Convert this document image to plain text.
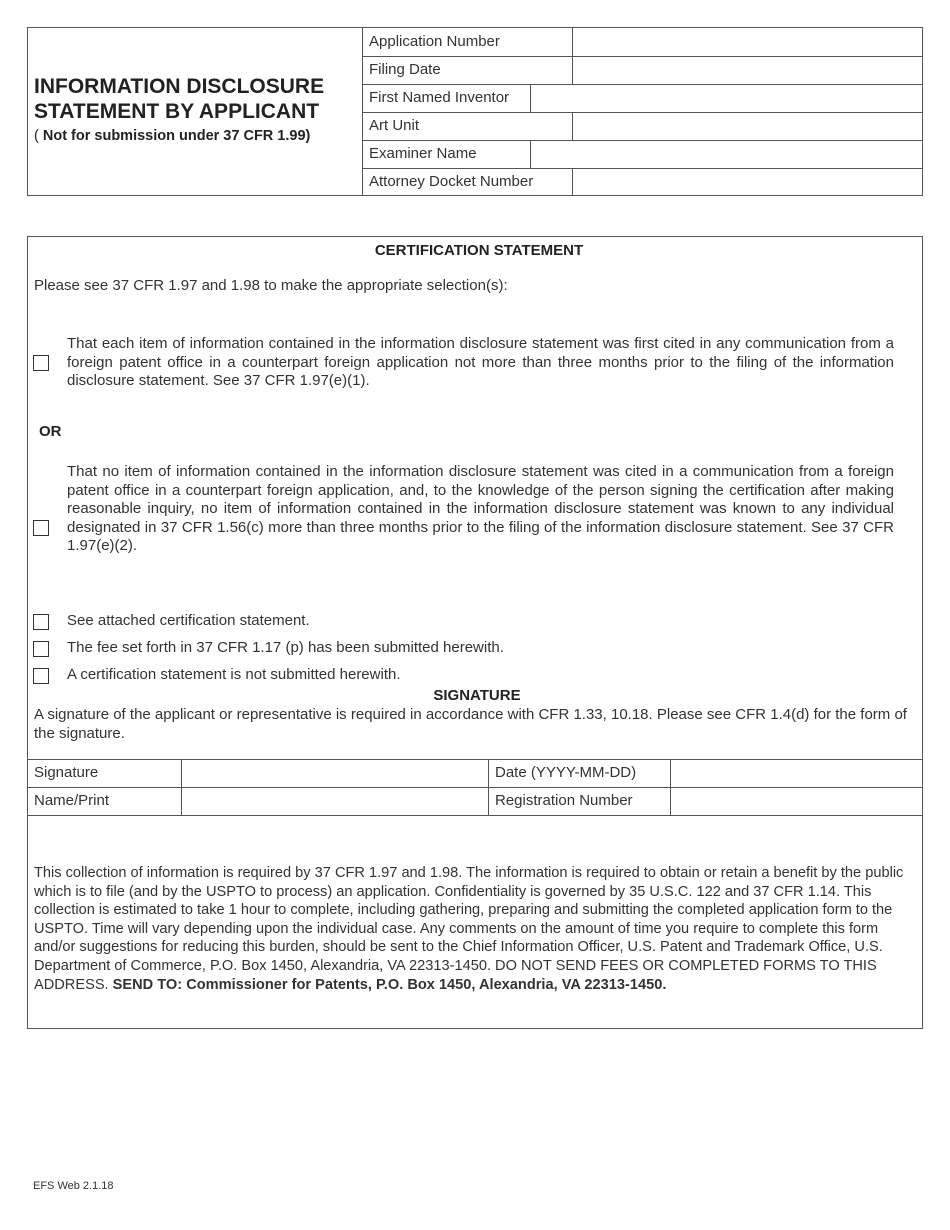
INFORMATION DISCLOSURE STATEMENT BY APPLICANT
( Not for submission under 37 CFR 1.99)
Application Number
Filing Date
First Named Inventor
Art Unit
Examiner Name
Attorney Docket Number
CERTIFICATION STATEMENT
Please see 37 CFR 1.97 and 1.98 to make the appropriate selection(s):
That each item of information contained in the information disclosure statement was first cited in any communication from a foreign patent office in a counterpart foreign application not more than three months prior to the filing of the information disclosure statement. See 37 CFR 1.97(e)(1).
OR
That no item of information contained in the information disclosure statement was cited in a communication from a foreign patent office in a counterpart foreign application, and, to the knowledge of the person signing the certification after making reasonable inquiry, no item of information contained in the information disclosure statement was known to any individual designated in 37 CFR 1.56(c) more than three months prior to the filing of the information disclosure statement. See 37 CFR 1.97(e)(2).
See attached certification statement.
The fee set forth in 37 CFR 1.17 (p) has been submitted herewith.
A certification statement is not submitted herewith.
SIGNATURE
A signature of the applicant or representative is required in accordance with CFR 1.33, 10.18. Please see CFR 1.4(d) for the form of the signature.
Signature	Date (YYYY-MM-DD)
Name/Print	Registration Number
This collection of information is required by 37 CFR 1.97 and 1.98. The information is required to obtain or retain a benefit by the public which is to file (and by the USPTO to process) an application. Confidentiality is governed by 35 U.S.C. 122 and 37 CFR 1.14. This collection is estimated to take 1 hour to complete, including gathering, preparing and submitting the completed application form to the USPTO. Time will vary depending upon the individual case. Any comments on the amount of time you require to complete this form and/or suggestions for reducing this burden, should be sent to the Chief Information Officer, U.S. Patent and Trademark Office, U.S. Department of Commerce, P.O. Box 1450, Alexandria, VA 22313-1450. DO NOT SEND FEES OR COMPLETED FORMS TO THIS ADDRESS. SEND TO: Commissioner for Patents, P.O. Box 1450, Alexandria, VA 22313-1450.
EFS Web 2.1.18
